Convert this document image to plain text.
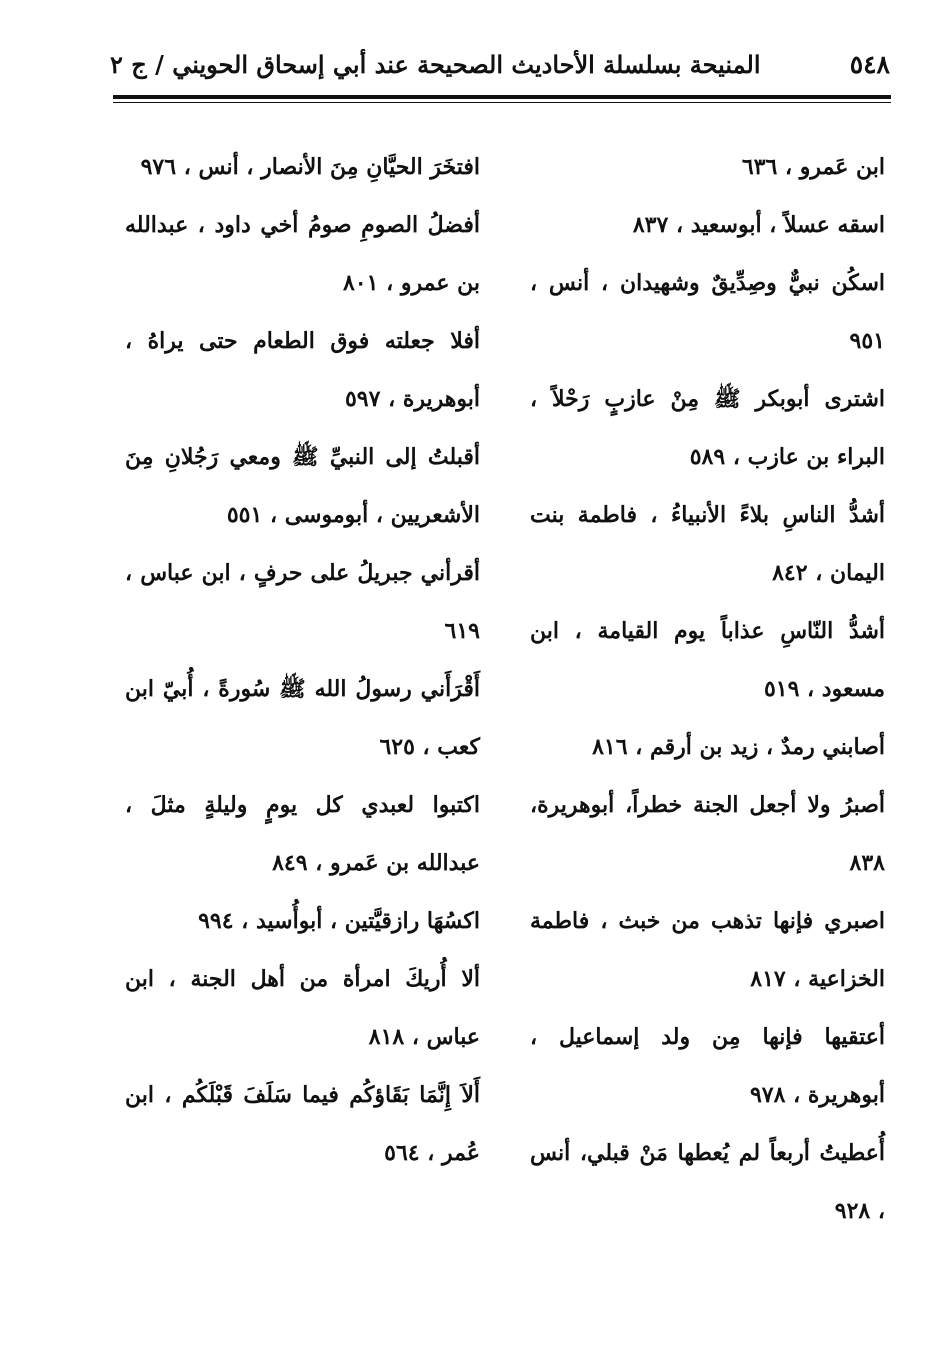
٥٤٨
المنيحة بسلسلة الأحاديث الصحيحة عند أبي إسحاق الحويني / ج ٢

ابن عَمرو ، ٦٣٦

اسقه عسلاً ، أبوسعيد ، ٨٣٧

اسكُن نبيٌّ وصِدِّيقٌ وشهيدان ، أنس ، ٩٥١

اشترى أبوبكر ﷺ مِنْ عازبٍ رَحْلاً ، البراء بن عازب ، ٥٨٩

أشدُّ الناسِ بلاءً الأنبياءُ ، فاطمة بنت اليمان ، ٨٤٢

أشدُّ النّاسِ عذاباً يوم القيامة ، ابن مسعود ، ٥١٩

أصابني رمدٌ ، زيد بن أرقم ، ٨١٦

أصبرُ ولا أجعل الجنة خطراً، أبوهريرة، ٨٣٨

اصبري فإنها تذهب من خبث ، فاطمة الخزاعية ، ٨١٧

أعتقيها فإنها مِن ولد إسماعيل ، أبوهريرة ، ٩٧٨

أُعطيتُ أربعاً لم يُعطها مَنْ قبلي، أنس ، ٩٢٨

افتخَرَ الحيَّانِ مِنَ الأنصار ، أنس ، ٩٧٦

أفضلُ الصومِ صومُ أخي داود ، عبدالله بن عمرو ، ٨٠١

أفلا جعلته فوق الطعام حتى يراهُ ، أبوهريرة ، ٥٩٧

أقبلتُ إلى النبيِّ ﷺ ومعي رَجُلانِ مِنَ الأشعريين ، أبوموسى ، ٥٥١

أقرأني جبريلُ على حرفٍ ، ابن عباس ، ٦١٩

أَقْرَأَني رسولُ الله ﷺ سُورةً ، أُبيّ ابن كعب ، ٦٢٥

اكتبوا لعبدي كل يومٍ وليلةٍ مثلَ ، عبدالله بن عَمرو ، ٨٤٩

اكسُهَا رازقيَّتين ، أبوأُسيد ، ٩٩٤

ألا أُريكَ امرأة من أهل الجنة ، ابن عباس ، ٨١٨

أَلاَ إِنَّمَا بَقَاؤكُم فيما سَلَفَ قَبْلَكُم ، ابن عُمر ، ٥٦٤
